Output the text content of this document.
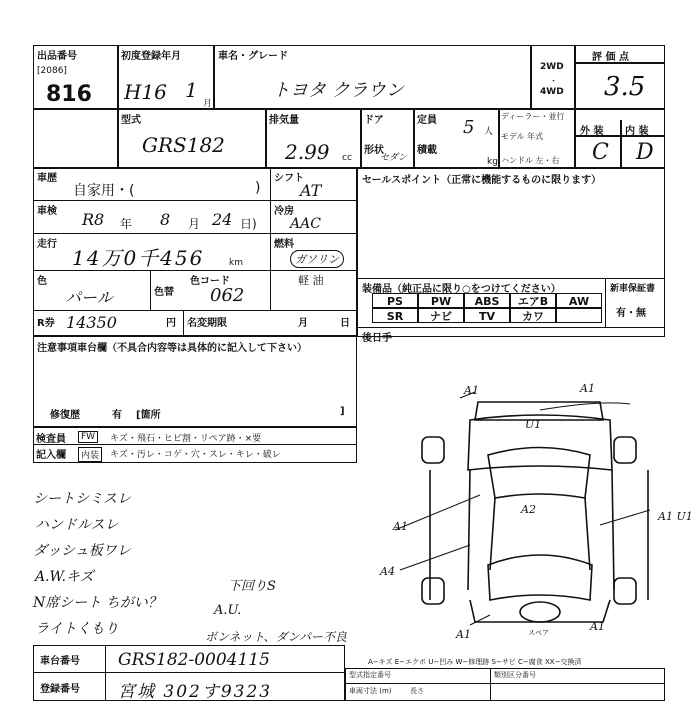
出品番号
[2086]
816
初度登録年月
H16 1
月
車名・グレード
トヨタ クラウン
2WD
・
4WD
評 価 点
3.5
型式
GRS182
排気量
2.99 cc
ドア
形状
セダン
定員 5 人
積載
kg
ディーラー・並行
モデル 年式
ハンドル 左・右
外 装 内 装
C D
車歴
自家用・(	)
シフト
AT
車検 R8 年 8 月 24 日)
冷房
AAC
走行
14万0千456	km
燃料
ガソリン
軽 油
色
パール	色替
色コード
062
R券 14350	円 名変期限	月	日
セールスポイント（正常に機能するものに限ります）
装備品（純正品に限り○をつけてください）	新車保証書
有・無
後日手
PS	PW	ABS	エアB	AW
SR	ナビ	TV	カワ
注意事項車台欄（不具合内容等は具体的に記入して下さい）
修復歴	有 [箇所	]
検査員
記入欄
FW	キズ・飛石・ヒビ割・リペア跡・×要
内装	キズ・汚レ・コゲ・穴・スレ・キレ・破レ
シートシミスレ
ハンドルスレ
ダッシュ板ワレ
A.W.キズ
N席シート ちがい？
ライトくもり
下回りS
A.U.
ボンネット、ダンパー不良
A1	A1
U1
A2
A1
A1 U1
A4
A1
A1
スペア
A−キズ E−エクボ U−凹み W−修理跡 S−サビ C−腐食 XX−交換済
車台番号 GRS182-0004115
登録番号 宮城 302す9323
型式指定番号	類別区分番号
車両寸法 (m)	長さ
